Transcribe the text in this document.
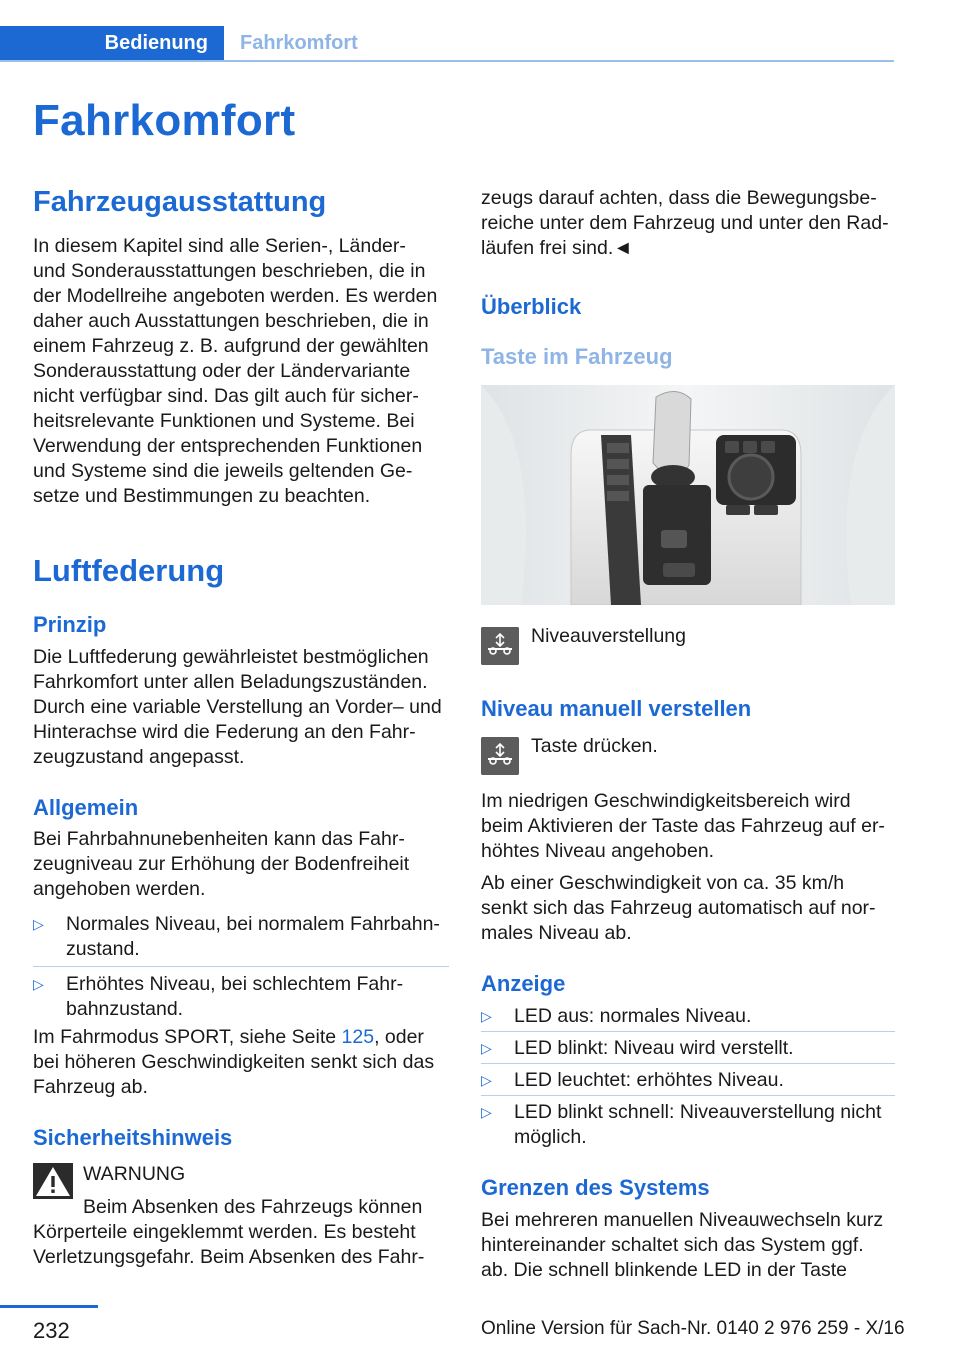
Bedienung	Fahrkomfort
Fahrkomfort
Fahrzeugausstattung
In diesem Kapitel sind alle Serien-, Länder-
und Sonderausstattungen beschrieben, die in
der Modellreihe angeboten werden. Es werden
daher auch Ausstattungen beschrieben, die in
einem Fahrzeug z. B. aufgrund der gewählten
Sonderausstattung oder der Ländervariante
nicht verfügbar sind. Das gilt auch für sicher-
heitsrelevante Funktionen und Systeme. Bei
Verwendung der entsprechenden Funktionen
und Systeme sind die jeweils geltenden Ge-
setze und Bestimmungen zu beachten.
Luftfederung
Prinzip
Die Luftfederung gewährleistet bestmöglichen
Fahrkomfort unter allen Beladungszuständen.
Durch eine variable Verstellung an Vorder– und
Hinterachse wird die Federung an den Fahr-
zeugzustand angepasst.
Allgemein
Bei Fahrbahnunebenheiten kann das Fahr-
zeugniveau zur Erhöhung der Bodenfreiheit
angehoben werden.
▷ Normales Niveau, bei normalem Fahrbahn-
zustand.
▷ Erhöhtes Niveau, bei schlechtem Fahr-
bahnzustand.
Im Fahrmodus SPORT, siehe Seite 125, oder
bei höheren Geschwindigkeiten senkt sich das
Fahrzeug ab.
Sicherheitshinweis
WARNUNG
Beim Absenken des Fahrzeugs können
Körperteile eingeklemmt werden. Es besteht
Verletzungsgefahr. Beim Absenken des Fahr-
zeugs darauf achten, dass die Bewegungsbe-
reiche unter dem Fahrzeug und unter den Rad-
läufen frei sind.◄
Überblick
Taste im Fahrzeug
Niveauverstellung
Niveau manuell verstellen
Taste drücken.
Im niedrigen Geschwindigkeitsbereich wird
beim Aktivieren der Taste das Fahrzeug auf er-
höhtes Niveau angehoben.
Ab einer Geschwindigkeit von ca. 35 km/h
senkt sich das Fahrzeug automatisch auf nor-
males Niveau ab.
Anzeige
▷ LED aus: normales Niveau.
▷ LED blinkt: Niveau wird verstellt.
▷ LED leuchtet: erhöhtes Niveau.
▷ LED blinkt schnell: Niveauverstellung nicht
möglich.
Grenzen des Systems
Bei mehreren manuellen Niveauwechseln kurz
hintereinander schaltet sich das System ggf.
ab. Die schnell blinkende LED in der Taste
232	Online Version für Sach-Nr. 0140 2 976 259 - X/16
